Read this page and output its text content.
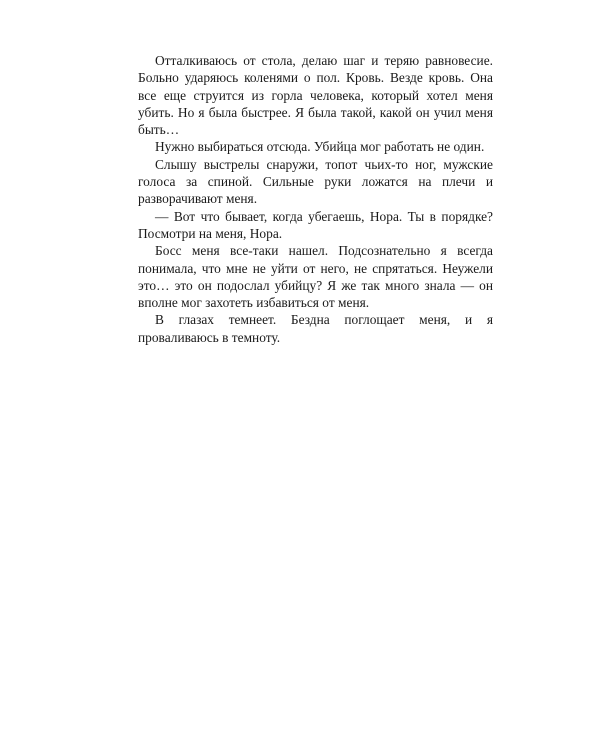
Отталкиваюсь от стола, делаю шаг и теряю равновесие. Больно ударяюсь коленями о пол. Кровь. Везде кровь. Она все еще струится из горла человека, который хотел меня убить. Но я была быстрее. Я была такой, какой он учил меня быть…

Нужно выбираться отсюда. Убийца мог работать не один.

Слышу выстрелы снаружи, топот чьих-то ног, мужские голоса за спиной. Сильные руки ложатся на плечи и разворачивают меня.

— Вот что бывает, когда убегаешь, Нора. Ты в порядке? Посмотри на меня, Нора.

Босс меня все-таки нашел. Подсознательно я всегда понимала, что мне не уйти от него, не спрятаться. Неужели это… это он подослал убийцу? Я же так много знала — он вполне мог захотеть избавиться от меня.

В глазах темнеет. Бездна поглощает меня, и я проваливаюсь в темноту.
